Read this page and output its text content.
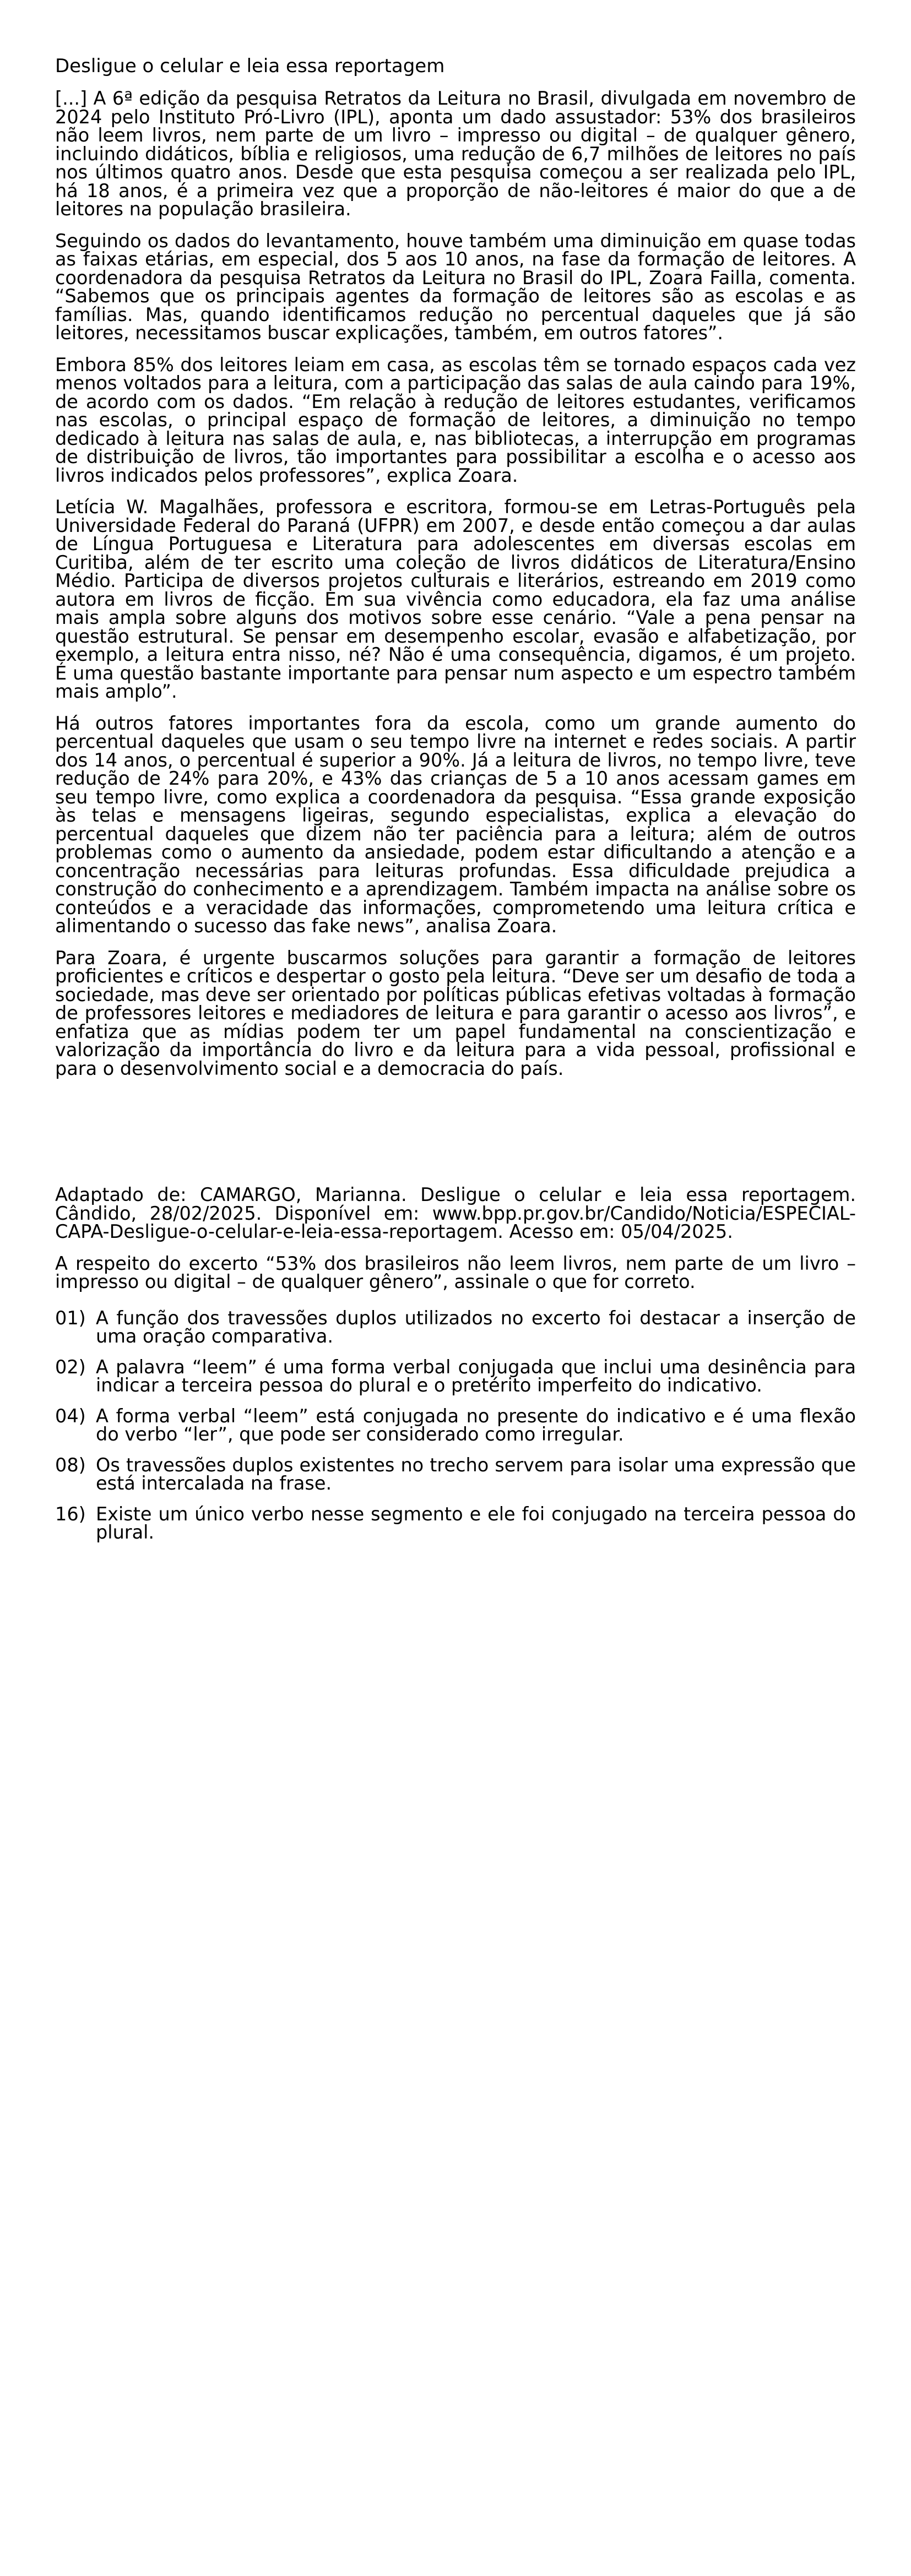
Desligue o celular e leia essa reportagem

[...] A 6ª edição da pesquisa Retratos da Leitura no Brasil, divulgada em novembro de 2024 pelo Instituto Pró-Livro (IPL), aponta um dado assustador: 53% dos brasileiros não leem livros, nem parte de um livro – impresso ou digital – de qualquer gênero, incluindo didáticos, bíblia e religiosos, uma redução de 6,7 milhões de leitores no país nos últimos quatro anos. Desde que esta pesquisa começou a ser realizada pelo IPL, há 18 anos, é a primeira vez que a proporção de não-leitores é maior do que a de leitores na população brasileira.

Seguindo os dados do levantamento, houve também uma diminuição em quase todas as faixas etárias, em especial, dos 5 aos 10 anos, na fase da formação de leitores. A coordenadora da pesquisa Retratos da Leitura no Brasil do IPL, Zoara Failla, comenta. “Sabemos que os principais agentes da formação de leitores são as escolas e as famílias. Mas, quando identificamos redução no percentual daqueles que já são leitores, necessitamos buscar explicações, também, em outros fatores”.

Embora 85% dos leitores leiam em casa, as escolas têm se tornado espaços cada vez menos voltados para a leitura, com a participação das salas de aula caindo para 19%, de acordo com os dados. “Em relação à redução de leitores estudantes, verificamos nas escolas, o principal espaço de formação de leitores, a diminuição no tempo dedicado à leitura nas salas de aula, e, nas bibliotecas, a interrupção em programas de distribuição de livros, tão importantes para possibilitar a escolha e o acesso aos livros indicados pelos professores”, explica Zoara.

Letícia W. Magalhães, professora e escritora, formou-se em Letras-Português pela Universidade Federal do Paraná (UFPR) em 2007, e desde então começou a dar aulas de Língua Portuguesa e Literatura para adolescentes em diversas escolas em Curitiba, além de ter escrito uma coleção de livros didáticos de Literatura/Ensino Médio. Participa de diversos projetos culturais e literários, estreando em 2019 como autora em livros de ficção. Em sua vivência como educadora, ela faz uma análise mais ampla sobre alguns dos motivos sobre esse cenário. “Vale a pena pensar na questão estrutural. Se pensar em desempenho escolar, evasão e alfabetização, por exemplo, a leitura entra nisso, né? Não é uma consequência, digamos, é um projeto. É uma questão bastante importante para pensar num aspecto e um espectro também mais amplo”.

Há outros fatores importantes fora da escola, como um grande aumento do percentual daqueles que usam o seu tempo livre na internet e redes sociais. A partir dos 14 anos, o percentual é superior a 90%. Já a leitura de livros, no tempo livre, teve redução de 24% para 20%, e 43% das crianças de 5 a 10 anos acessam games em seu tempo livre, como explica a coordenadora da pesquisa. “Essa grande exposição às telas e mensagens ligeiras, segundo especialistas, explica a elevação do percentual daqueles que dizem não ter paciência para a leitura; além de outros problemas como o aumento da ansiedade, podem estar dificultando a atenção e a concentração necessárias para leituras profundas. Essa dificuldade prejudica a construção do conhecimento e a aprendizagem. Também impacta na análise sobre os conteúdos e a veracidade das informações, comprometendo uma leitura crítica e alimentando o sucesso das fake news”, analisa Zoara.

Para Zoara, é urgente buscarmos soluções para garantir a formação de leitores proficientes e críticos e despertar o gosto pela leitura. “Deve ser um desafio de toda a sociedade, mas deve ser orientado por políticas públicas efetivas voltadas à formação de professores leitores e mediadores de leitura e para garantir o acesso aos livros”, e enfatiza que as mídias podem ter um papel fundamental na conscientização e valorização da importância do livro e da leitura para a vida pessoal, profissional e para o desenvolvimento social e a democracia do país.

Adaptado de: CAMARGO, Marianna. Desligue o celular e leia essa reportagem. Cândido, 28/02/2025. Disponível em: www.bpp.pr.gov.br/Candido/Noticia/ESPECIAL-CAPA-Desligue-o-celular-e-leia-essa-reportagem. Acesso em: 05/04/2025.

A respeito do excerto “53% dos brasileiros não leem livros, nem parte de um livro – impresso ou digital – de qualquer gênero”, assinale o que for correto.

01) A função dos travessões duplos utilizados no excerto foi destacar a inserção de uma oração comparativa.
02) A palavra “leem” é uma forma verbal conjugada que inclui uma desinência para indicar a terceira pessoa do plural e o pretérito imperfeito do indicativo.
04) A forma verbal “leem” está conjugada no presente do indicativo e é uma flexão do verbo “ler”, que pode ser considerado como irregular.
08) Os travessões duplos existentes no trecho servem para isolar uma expressão que está intercalada na frase.
16) Existe um único verbo nesse segmento e ele foi conjugado na terceira pessoa do plural.
